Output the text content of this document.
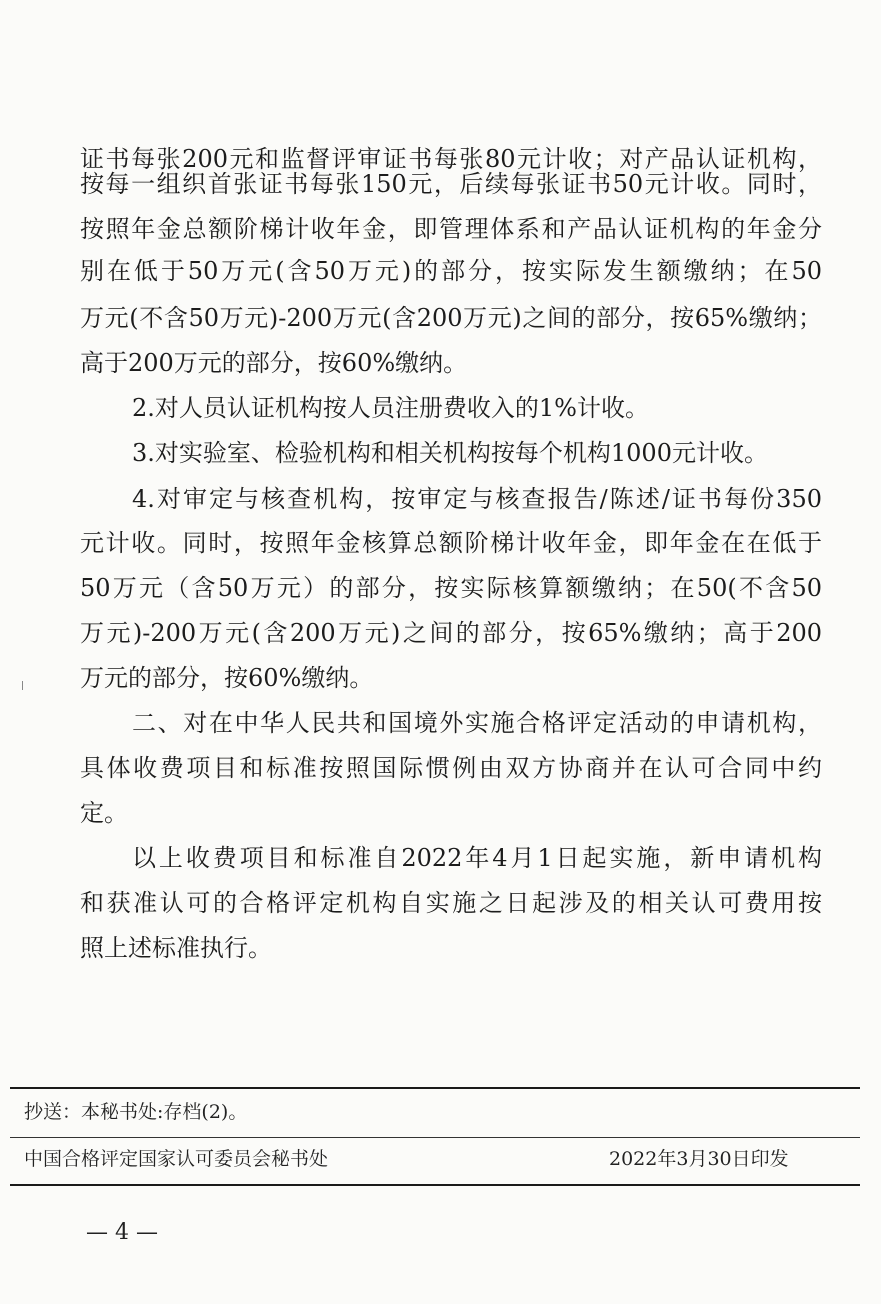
证书每张200元和监督评审证书每张80元计收；对产品认证机构，
按每一组织首张证书每张150元，后续每张证书50元计收。同时，
按照年金总额阶梯计收年金，即管理体系和产品认证机构的年金分
别在低于50万元(含50万元)的部分，按实际发生额缴纳；在50
万元(不含50万元)-200万元(含200万元)之间的部分，按65%缴纳；
高于200万元的部分，按60%缴纳。
2.对人员认证机构按人员注册费收入的1%计收。
3.对实验室、检验机构和相关机构按每个机构1000元计收。
4.对审定与核查机构，按审定与核查报告/陈述/证书每份350
元计收。同时，按照年金核算总额阶梯计收年金，即年金在在低于
50万元（含50万元）的部分，按实际核算额缴纳；在50(不含50
万元)-200万元(含200万元)之间的部分，按65%缴纳；高于200
万元的部分，按60%缴纳。
二、对在中华人民共和国境外实施合格评定活动的申请机构，
具体收费项目和标准按照国际惯例由双方协商并在认可合同中约
定。
以上收费项目和标准自2022年4月1日起实施，新申请机构
和获准认可的合格评定机构自实施之日起涉及的相关认可费用按
照上述标准执行。
抄送：本秘书处:存档(2)。
中国合格评定国家认可委员会秘书处	2022年3月30日印发
— 4 —
